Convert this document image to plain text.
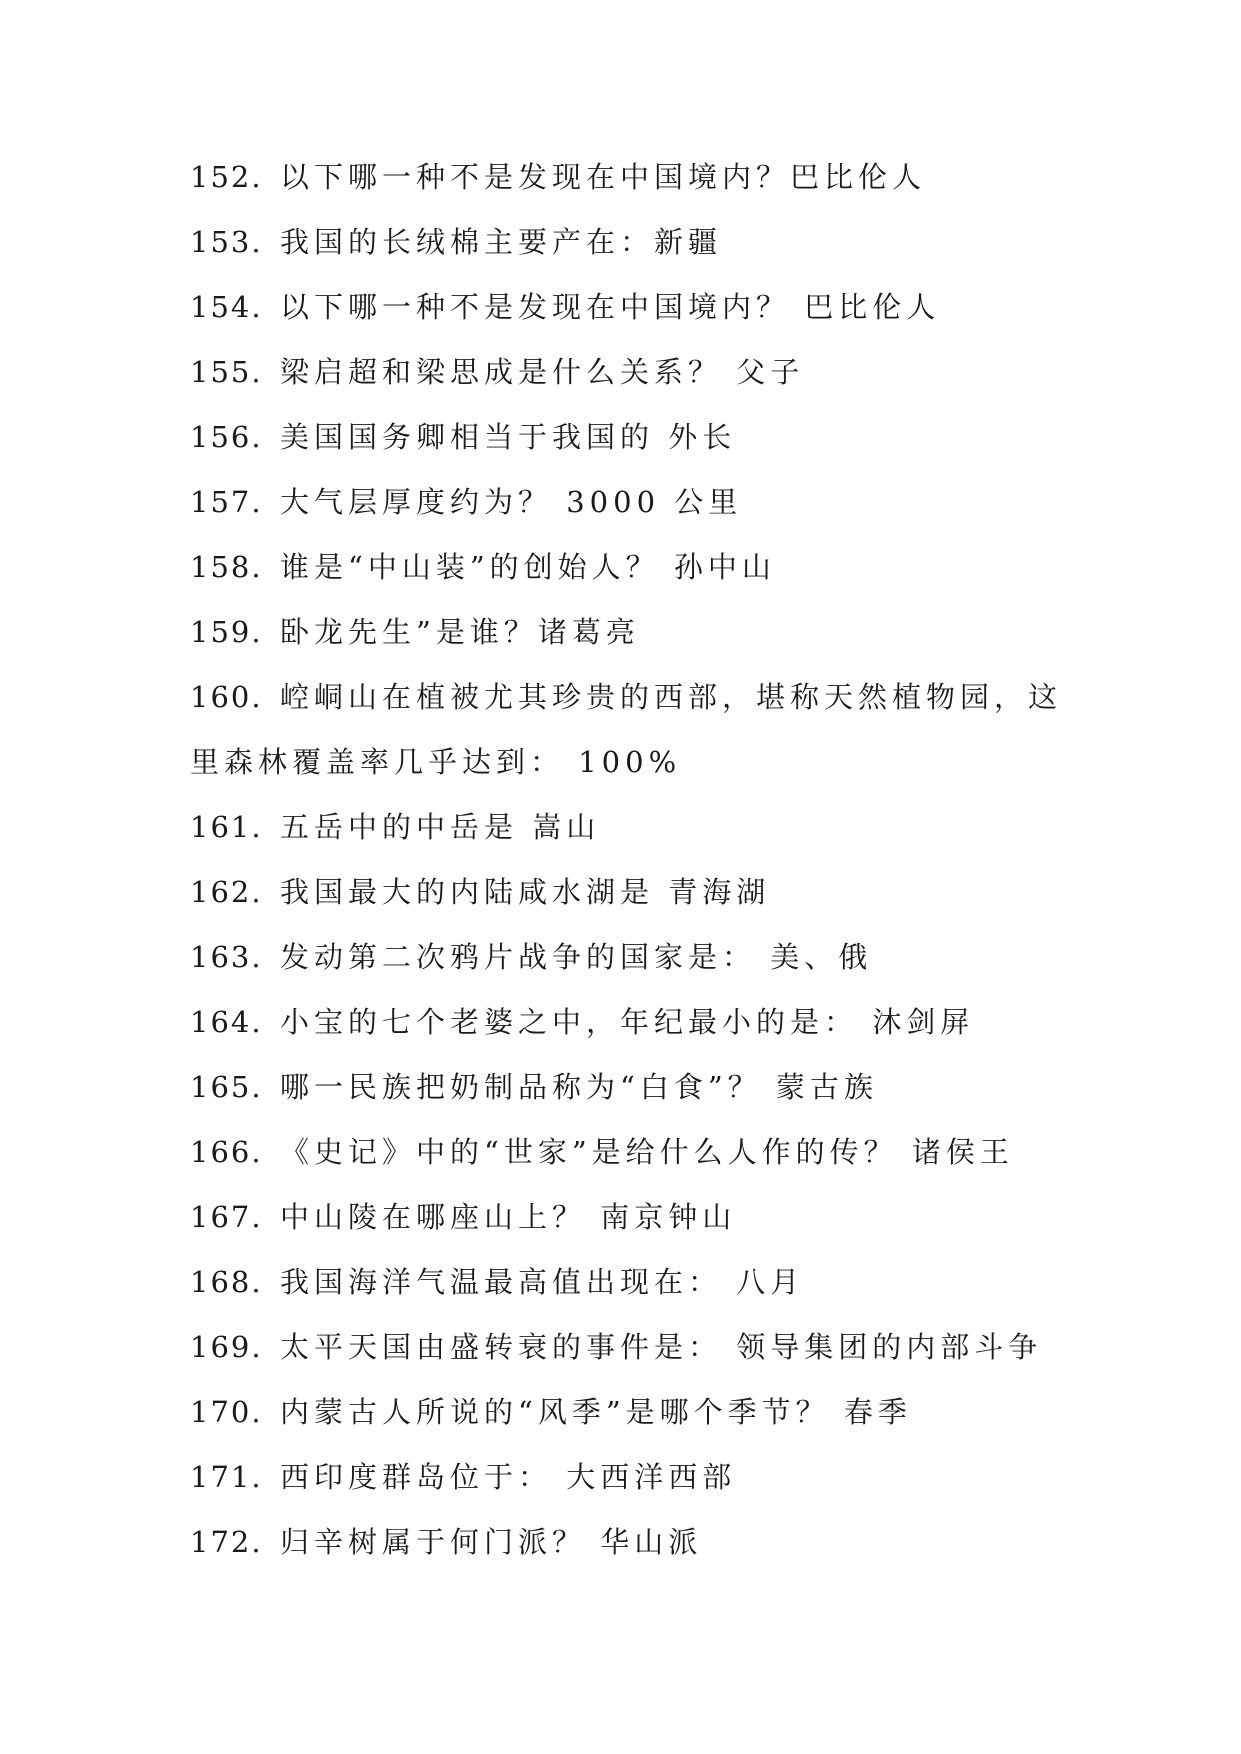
152. 以下哪一种不是发现在中国境内？巴比伦人
153. 我国的长绒棉主要产在：新疆
154. 以下哪一种不是发现在中国境内？ 巴比伦人
155. 梁启超和梁思成是什么关系？ 父子
156. 美国国务卿相当于我国的 外长
157. 大气层厚度约为？ 3000 公里
158. 谁是“中山装”的创始人？ 孙中山
159. 卧龙先生”是谁？诸葛亮
160. 崆峒山在植被尤其珍贵的西部，堪称天然植物园，这
里森林覆盖率几乎达到： 100%
161. 五岳中的中岳是 嵩山
162. 我国最大的内陆咸水湖是 青海湖
163. 发动第二次鸦片战争的国家是： 美、俄
164. 小宝的七个老婆之中，年纪最小的是： 沐剑屏
165. 哪一民族把奶制品称为“白食”？ 蒙古族
166. 《史记》中的“世家”是给什么人作的传？ 诸侯王
167. 中山陵在哪座山上？ 南京钟山
168. 我国海洋气温最高值出现在： 八月
169. 太平天国由盛转衰的事件是： 领导集团的内部斗争
170. 内蒙古人所说的“风季”是哪个季节？ 春季
171. 西印度群岛位于： 大西洋西部
172. 归辛树属于何门派？ 华山派
